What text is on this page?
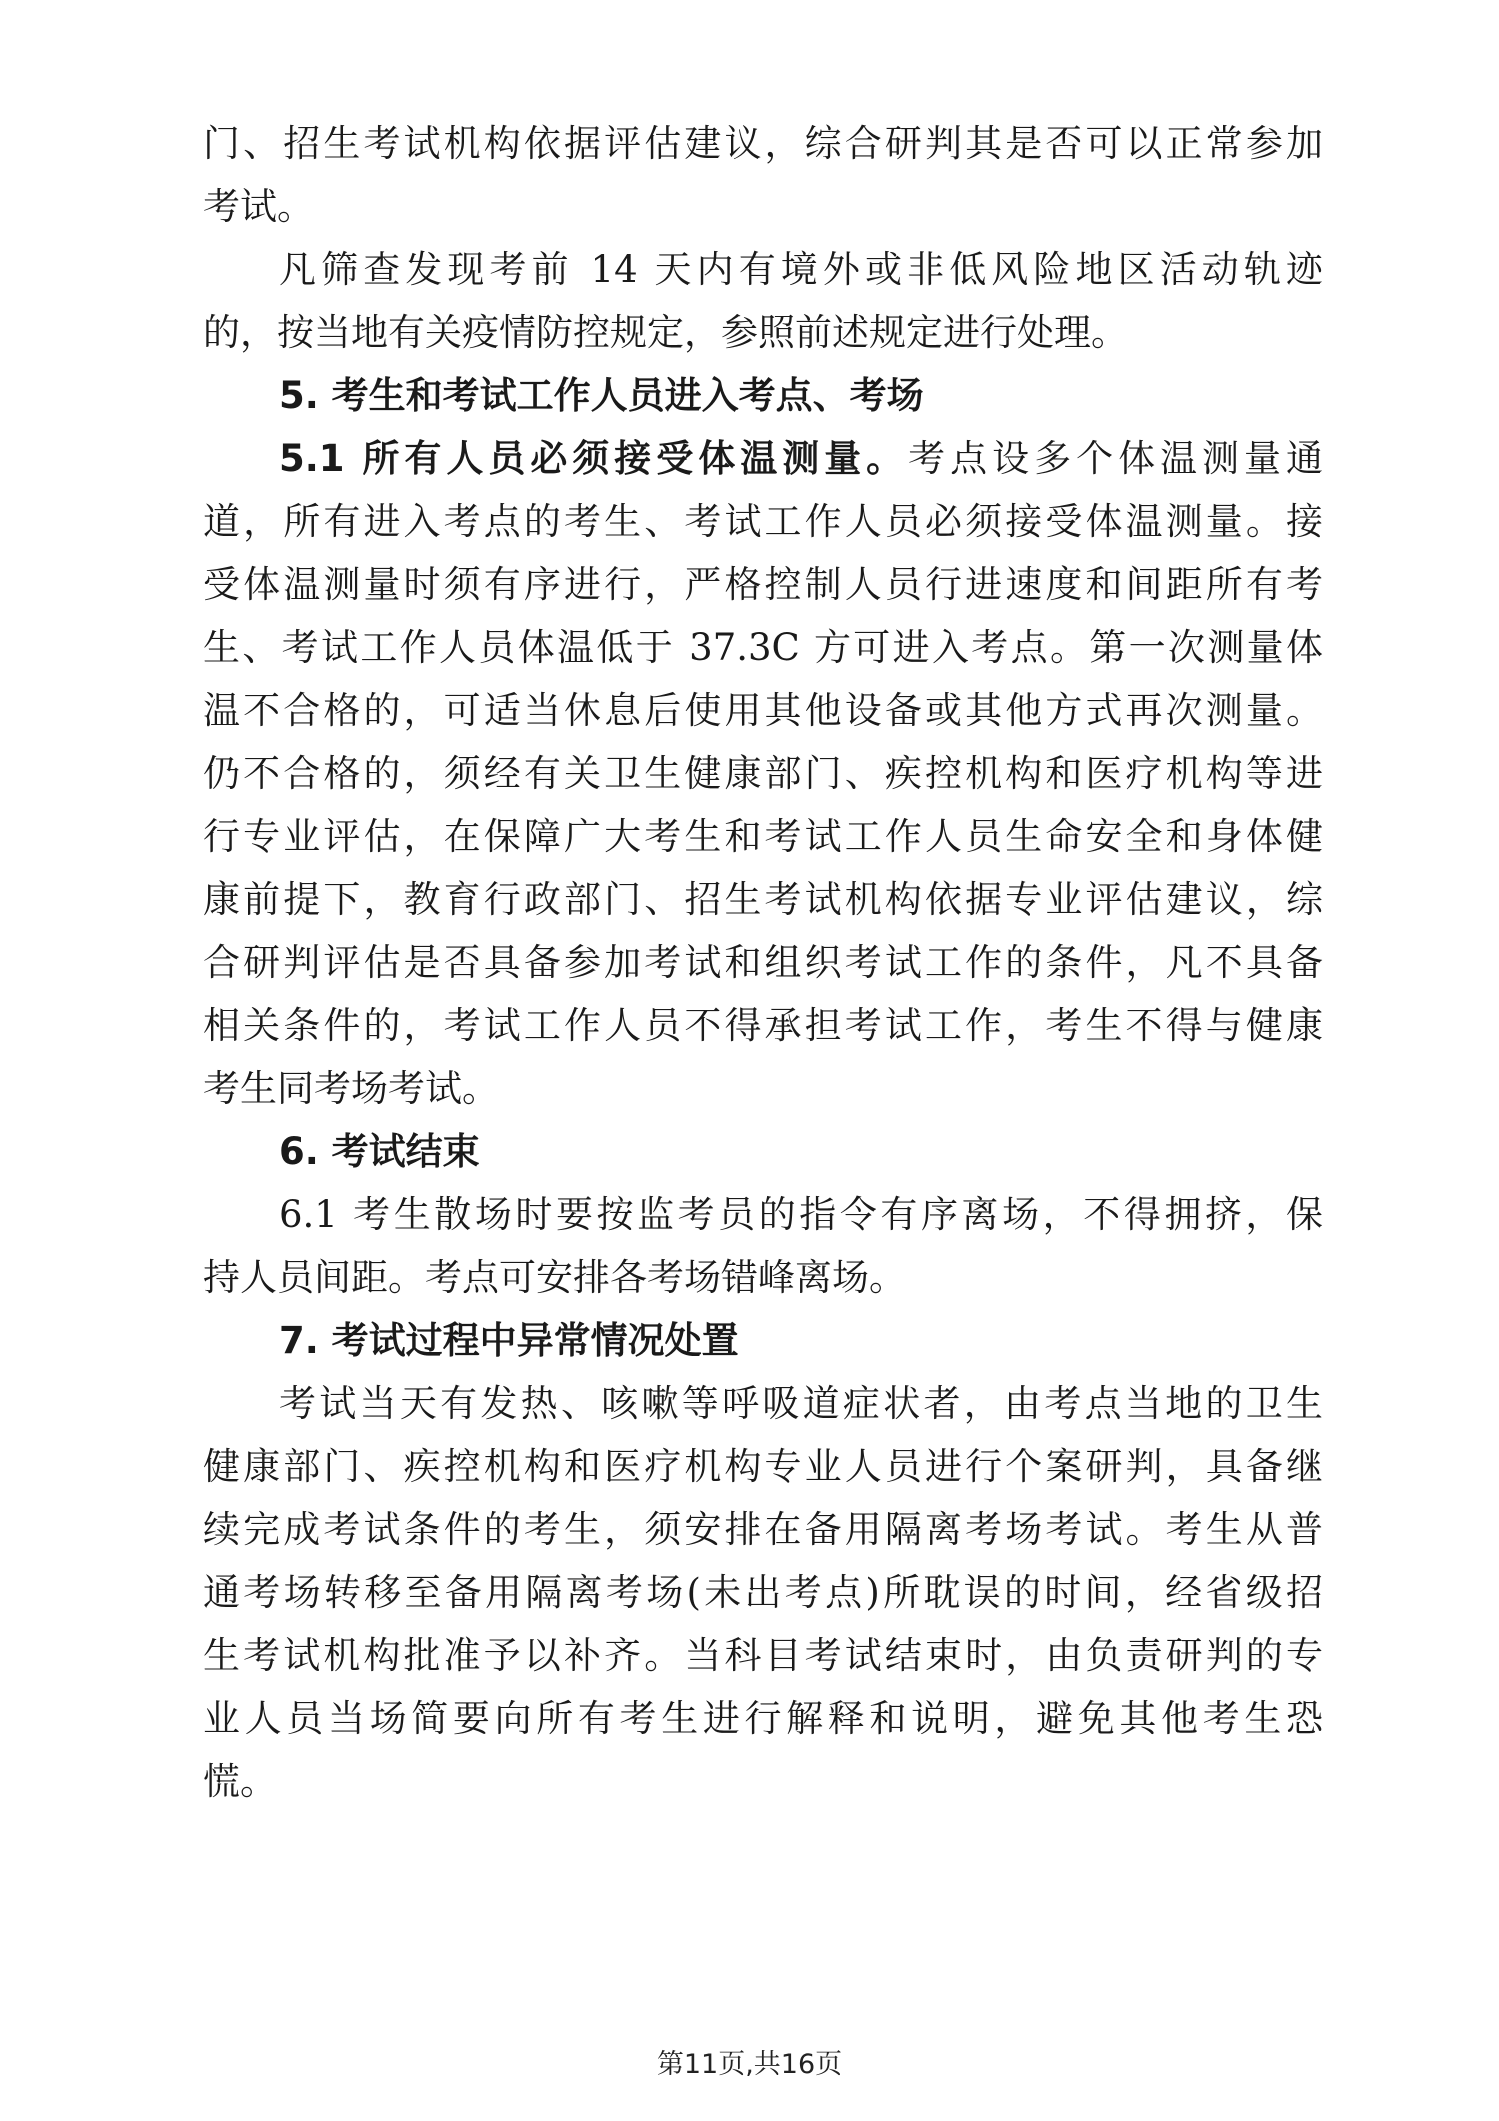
门、招生考试机构依据评估建议，综合研判其是否可以正常参加
考试。
凡筛查发现考前 14 天内有境外或非低风险地区活动轨迹
的，按当地有关疫情防控规定，参照前述规定进行处理。
5. 考生和考试工作人员进入考点、考场
5.1 所有人员必须接受体温测量。考点设多个体温测量通
道，所有进入考点的考生、考试工作人员必须接受体温测量。接
受体温测量时须有序进行，严格控制人员行进速度和间距所有考
生、考试工作人员体温低于 37.3C 方可进入考点。第一次测量体
温不合格的，可适当休息后使用其他设备或其他方式再次测量。
仍不合格的，须经有关卫生健康部门、疾控机构和医疗机构等进
行专业评估，在保障广大考生和考试工作人员生命安全和身体健
康前提下，教育行政部门、招生考试机构依据专业评估建议，综
合研判评估是否具备参加考试和组织考试工作的条件，凡不具备
相关条件的，考试工作人员不得承担考试工作，考生不得与健康
考生同考场考试。
6. 考试结束
6.1 考生散场时要按监考员的指令有序离场，不得拥挤，保
持人员间距。考点可安排各考场错峰离场。
7. 考试过程中异常情况处置
考试当天有发热、咳嗽等呼吸道症状者，由考点当地的卫生
健康部门、疾控机构和医疗机构专业人员进行个案研判，具备继
续完成考试条件的考生，须安排在备用隔离考场考试。考生从普
通考场转移至备用隔离考场(未出考点)所耽误的时间，经省级招
生考试机构批准予以补齐。当科目考试结束时，由负责研判的专
业人员当场简要向所有考生进行解释和说明，避免其他考生恐
慌。
第11页,共16页
